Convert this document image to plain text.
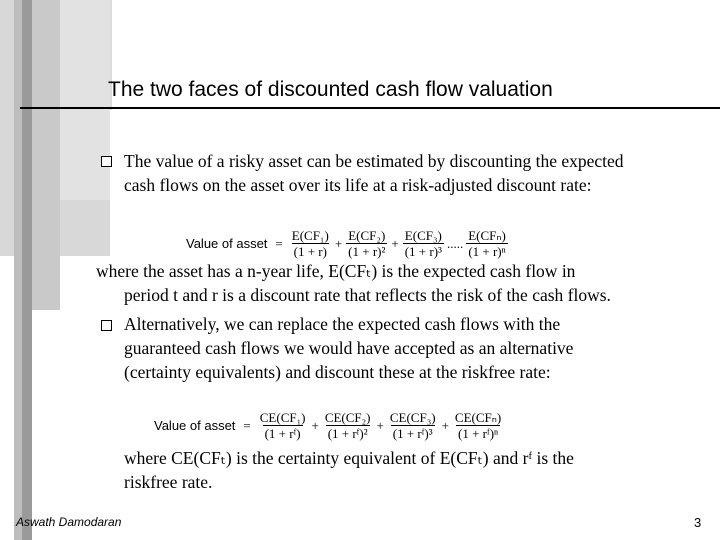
The two faces of discounted cash flow valuation
The value of a risky asset can be estimated by discounting the expected
cash flows on the asset over its life at a risk-adjusted discount rate:
Value of asset = $\frac{\text{E(CF₁)}}{(1 + r)} + \frac{\text{E(CF₂)}}{\text{(1 + r)²}} + \frac{\text{E(CF₃)}}{\text{(1 + r)³}}$ ..... $\frac{\text{E(CFₙ)}}{\text{(1 + r)ⁿ}}$
where the asset has a n-year life, E(CFₜ) is the expected cash flow in
period t and r is a discount rate that reflects the risk of the cash flows.
Alternatively, we can replace the expected cash flows with the
guaranteed cash flows we would have accepted as an alternative
(certainty equivalents) and discount these at the riskfree rate:
Value of asset = $\frac{\text{CE(CF₁)}}{\text{(1 + rᶠ)}} + \frac{\text{CE(CF₂)}}{\text{(1 + rᶠ)²}} + \frac{\text{CE(CF₃)}}{\text{(1 + rᶠ)³}} + \frac{\text{CE(CFₙ)}}{\text{(1 + rᶠ)ⁿ}}$
where CE(CFₜ) is the certainty equivalent of E(CFₜ) and rᶠ is the
riskfree rate.
Aswath Damodaran	3
